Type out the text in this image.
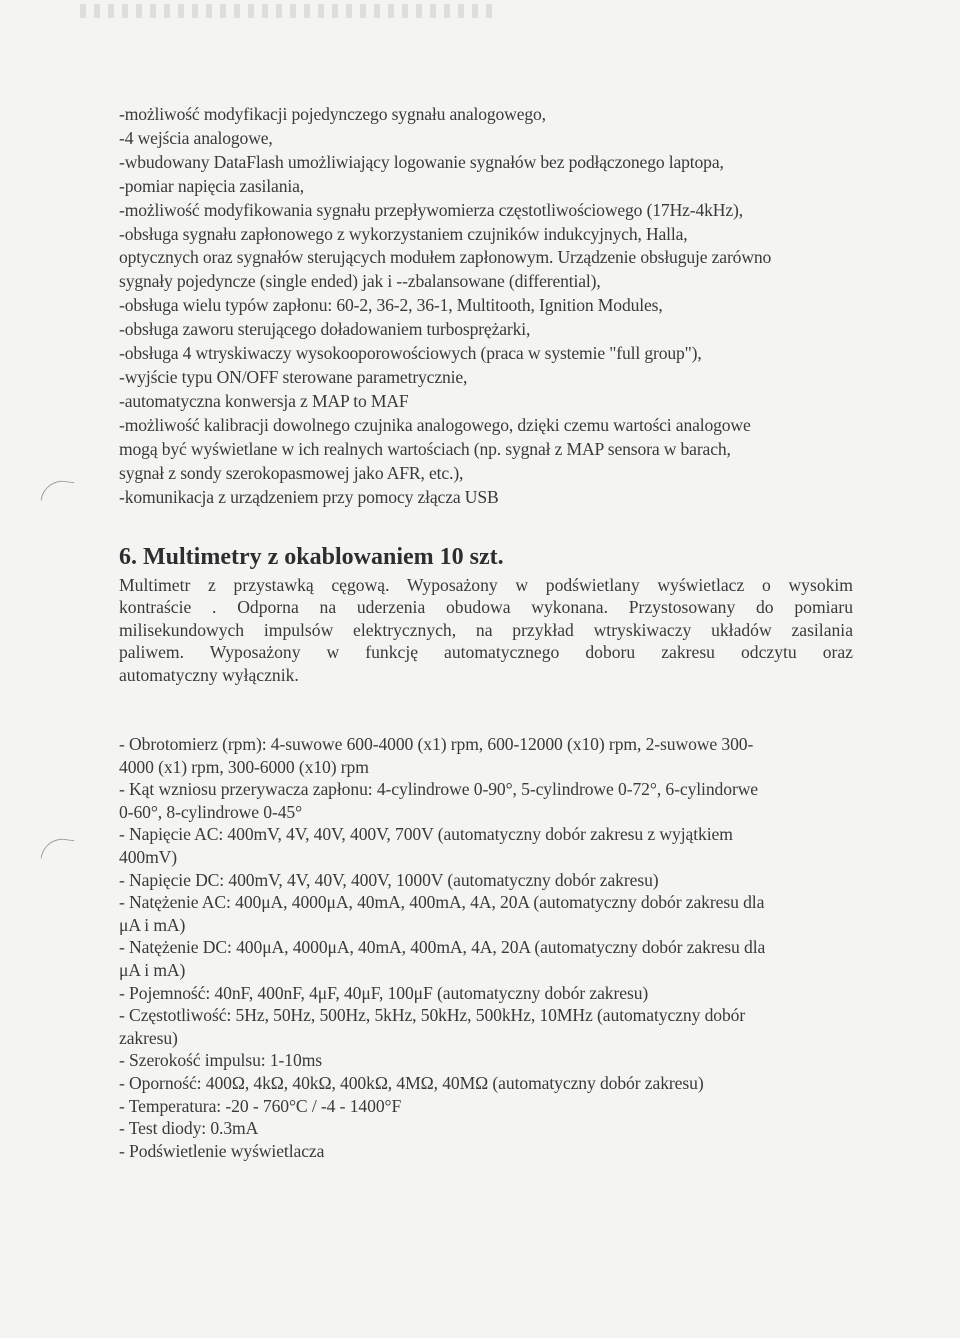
-możliwość modyfikacji pojedynczego sygnału analogowego,
-4 wejścia analogowe,
-wbudowany DataFlash umożliwiający logowanie sygnałów bez podłączonego laptopa,
-pomiar napięcia zasilania,
-możliwość modyfikowania sygnału przepływomierza częstotliwościowego (17Hz-4kHz),
-obsługa sygnału zapłonowego z wykorzystaniem czujników indukcyjnych, Halla,
optycznych oraz sygnałów sterujących modułem zapłonowym. Urządzenie obsługuje zarówno
sygnały pojedyncze (single ended) jak i --zbalansowane (differential),
-obsługa wielu typów zapłonu: 60-2, 36-2, 36-1, Multitooth, Ignition Modules,
-obsługa zaworu sterującego doładowaniem turbosprężarki,
-obsługa 4 wtryskiwaczy wysokooporowościowych (praca w systemie "full group"),
-wyjście typu ON/OFF sterowane parametrycznie,
-automatyczna konwersja z MAP to MAF
-możliwość kalibracji dowolnego czujnika analogowego, dzięki czemu wartości analogowe
mogą być wyświetlane w ich realnych wartościach (np. sygnał z MAP sensora w barach,
sygnał z sondy szerokopasmowej jako AFR, etc.),
-komunikacja z urządzeniem przy pomocy złącza USB
6. Multimetry z okablowaniem 10 szt.
Multimetr z przystawką cęgową. Wyposażony w podświetlany wyświetlacz o wysokim
kontraście . Odporna na uderzenia obudowa wykonana. Przystosowany do pomiaru
milisekundowych impulsów elektrycznych, na przykład wtryskiwaczy układów zasilania
paliwem. Wyposażony w funkcję automatycznego doboru zakresu odczytu oraz
automatyczny wyłącznik.
- Obrotomierz (rpm): 4-suwowe 600-4000 (x1) rpm, 600-12000 (x10) rpm, 2-suwowe 300-
4000 (x1) rpm, 300-6000 (x10) rpm
- Kąt wzniosu przerywacza zapłonu: 4-cylindrowe 0-90°, 5-cylindrowe 0-72°, 6-cylindorwe
0-60°, 8-cylindrowe 0-45°
- Napięcie AC: 400mV, 4V, 40V, 400V, 700V (automatyczny dobór zakresu z wyjątkiem
400mV)
- Napięcie DC: 400mV, 4V, 40V, 400V, 1000V (automatyczny dobór zakresu)
- Natężenie AC: 400μA, 4000μA, 40mA, 400mA, 4A, 20A (automatyczny dobór zakresu dla
μA i mA)
- Natężenie DC: 400μA, 4000μA, 40mA, 400mA, 4A, 20A (automatyczny dobór zakresu dla
μA i mA)
- Pojemność: 40nF, 400nF, 4μF, 40μF, 100μF (automatyczny dobór zakresu)
- Częstotliwość: 5Hz, 50Hz, 500Hz, 5kHz, 50kHz, 500kHz, 10MHz (automatyczny dobór
zakresu)
- Szerokość impulsu: 1-10ms
- Oporność: 400Ω, 4kΩ, 40kΩ, 400kΩ, 4MΩ, 40MΩ (automatyczny dobór zakresu)
- Temperatura: -20 - 760°C / -4 - 1400°F
- Test diody: 0.3mA
- Podświetlenie wyświetlacza
